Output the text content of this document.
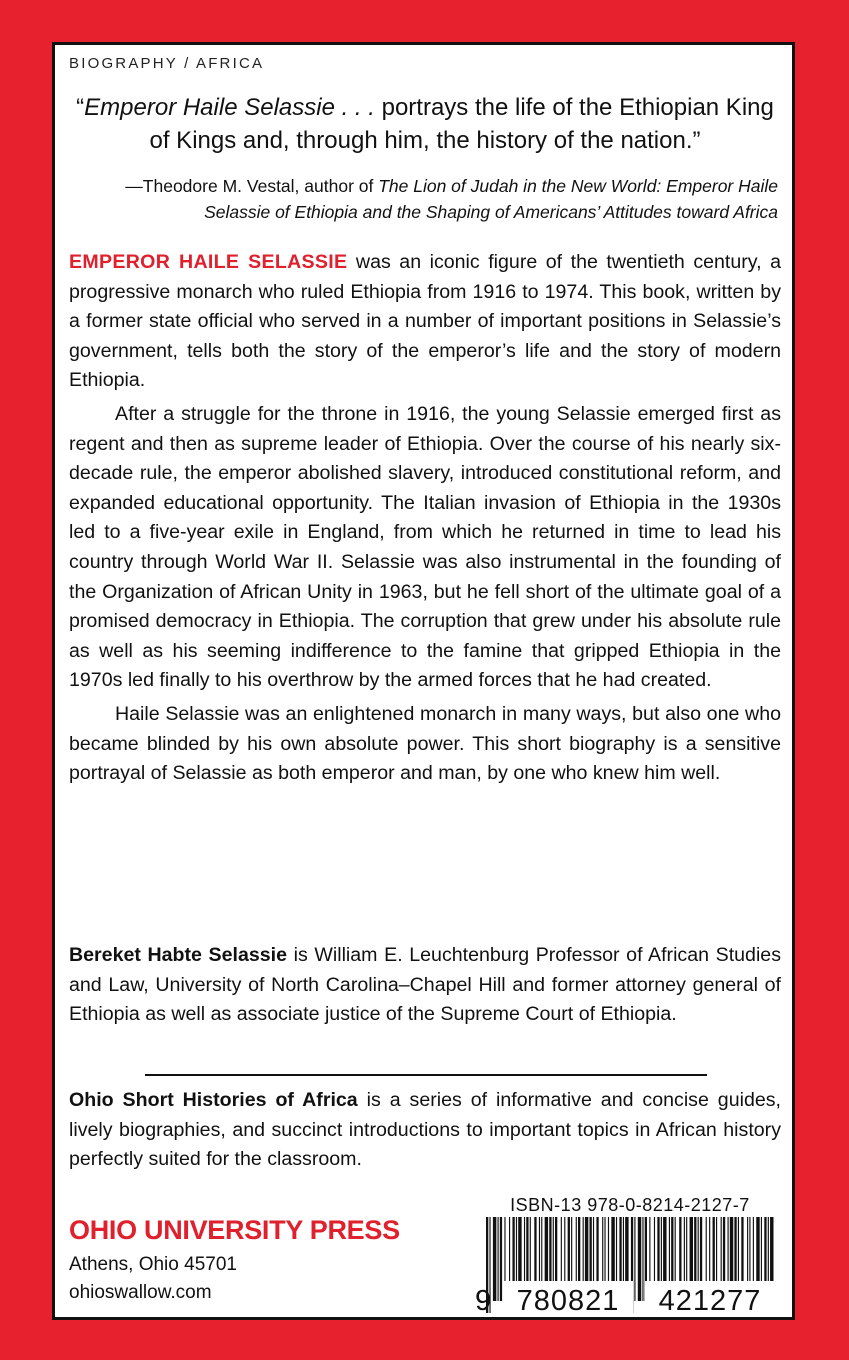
BIOGRAPHY / AFRICA
“Emperor Haile Selassie . . . portrays the life of the Ethiopian King of Kings and, through him, the history of the nation.”
—Theodore M. Vestal, author of The Lion of Judah in the New World: Emperor Haile Selassie of Ethiopia and the Shaping of Americans’ Attitudes toward Africa

EMPEROR HAILE SELASSIE was an iconic figure of the twentieth century, a progressive monarch who ruled Ethiopia from 1916 to 1974. This book, written by a former state official who served in a number of important positions in Selassie’s government, tells both the story of the emperor’s life and the story of modern Ethiopia.

After a struggle for the throne in 1916, the young Selassie emerged first as regent and then as supreme leader of Ethiopia. Over the course of his nearly six-decade rule, the emperor abolished slavery, introduced constitutional reform, and expanded educational opportunity. The Italian invasion of Ethiopia in the 1930s led to a five-year exile in England, from which he returned in time to lead his country through World War II. Selassie was also instrumental in the founding of the Organization of African Unity in 1963, but he fell short of the ultimate goal of a promised democracy in Ethiopia. The corruption that grew under his absolute rule as well as his seeming indifference to the famine that gripped Ethiopia in the 1970s led finally to his overthrow by the armed forces that he had created.

Haile Selassie was an enlightened monarch in many ways, but also one who became blinded by his own absolute power. This short biography is a sensitive portrayal of Selassie as both emperor and man, by one who knew him well.

Bereket Habte Selassie is William E. Leuchtenburg Professor of African Studies and Law, University of North Carolina–Chapel Hill and former attorney general of Ethiopia as well as associate justice of the Supreme Court of Ethiopia.
Ohio Short Histories of Africa is a series of informative and concise guides, lively biographies, and succinct introductions to important topics in African history perfectly suited for the classroom.
OHIO UNIVERSITY PRESS
Athens, Ohio 45701
ohioswallow.com
ISBN-13 978-0-8214-2127-7
9 780821	421277
